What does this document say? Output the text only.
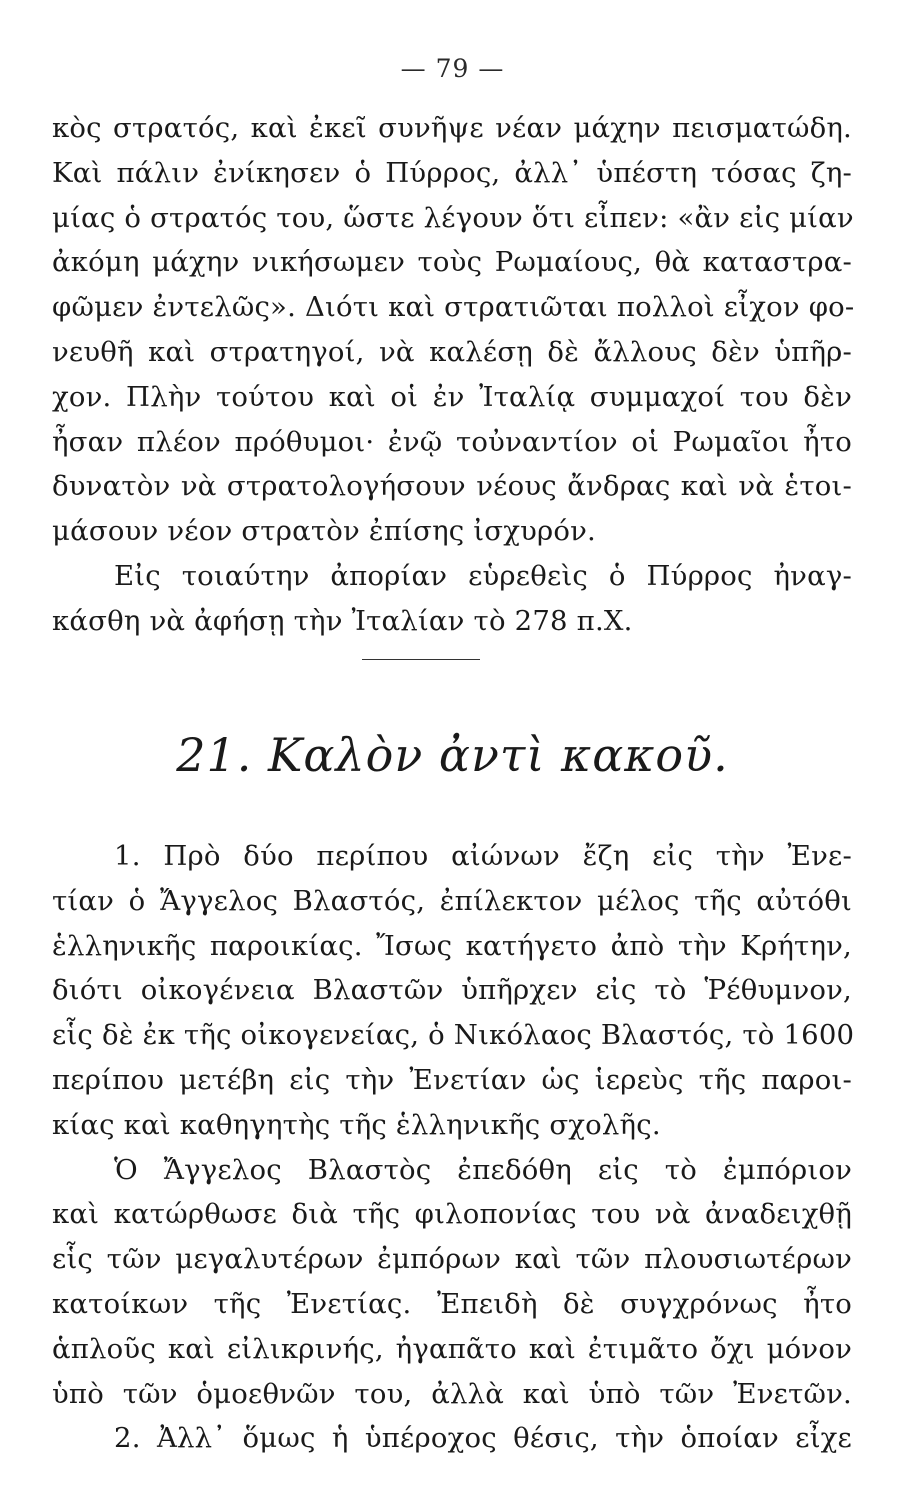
— 79 —
κὸς στρατός, καὶ ἐκεῖ συνῆψε νέαν μάχην πεισματώδη.
Καὶ πάλιν ἐνίκησεν ὁ Πύρρος, ἀλλ᾽ ὑπέστη τόσας ζη-
μίας ὁ στρατός του, ὥστε λέγουν ὅτι εἶπεν: «ἂν εἰς μίαν
ἀκόμη μάχην νικήσωμεν τοὺς Ρωμαίους, θὰ καταστρα-
φῶμεν ἐντελῶς». Διότι καὶ στρατιῶται πολλοὶ εἶχον φο-
νευθῆ καὶ στρατηγοί, νὰ καλέσῃ δὲ ἄλλους δὲν ὑπῆρ-
χον. Πλὴν τούτου καὶ οἱ ἐν Ἰταλίᾳ συμμαχοί του δὲν
ἦσαν πλέον πρόθυμοι· ἐνῷ τοὐναντίον οἱ Ρωμαῖοι ἦτο
δυνατὸν νὰ στρατολογήσουν νέους ἄνδρας καὶ νὰ ἑτοι-
μάσουν νέον στρατὸν ἐπίσης ἰσχυρόν.
Εἰς τοιαύτην ἀπορίαν εὑρεθεὶς ὁ Πύρρος ἠναγ-
κάσθη νὰ ἀφήσῃ τὴν Ἰταλίαν τὸ 278 π.Χ.
21. Καλὸν ἀντὶ κακοῦ.
1. Πρὸ δύο περίπου αἰώνων ἔζη εἰς τὴν Ἐνε-
τίαν ὁ Ἄγγελος Βλαστός, ἐπίλεκτον μέλος τῆς αὐτόθι
ἑλληνικῆς παροικίας. Ἴσως κατήγετο ἀπὸ τὴν Κρήτην,
διότι οἰκογένεια Βλαστῶν ὑπῆρχεν εἰς τὸ Ῥέθυμνον,
εἷς δὲ ἐκ τῆς οἰκογενείας, ὁ Νικόλαος Βλαστός, τὸ 1600
περίπου μετέβη εἰς τὴν Ἐνετίαν ὡς ἱερεὺς τῆς παροι-
κίας καὶ καθηγητὴς τῆς ἑλληνικῆς σχολῆς.
Ὁ Ἄγγελος Βλαστὸς ἐπεδόθη εἰς τὸ ἐμπόριον
καὶ κατώρθωσε διὰ τῆς φιλοπονίας του νὰ ἀναδειχθῇ
εἷς τῶν μεγαλυτέρων ἐμπόρων καὶ τῶν πλουσιωτέρων
κατοίκων τῆς Ἐνετίας. Ἐπειδὴ δὲ συγχρόνως ἦτο
ἁπλοῦς καὶ εἰλικρινής, ἠγαπᾶτο καὶ ἐτιμᾶτο ὄχι μόνον
ὑπὸ τῶν ὁμοεθνῶν του, ἀλλὰ καὶ ὑπὸ τῶν Ἐνετῶν.
2. Ἀλλ᾽ ὅμως ἡ ὑπέροχος θέσις, τὴν ὁποίαν εἶχε
